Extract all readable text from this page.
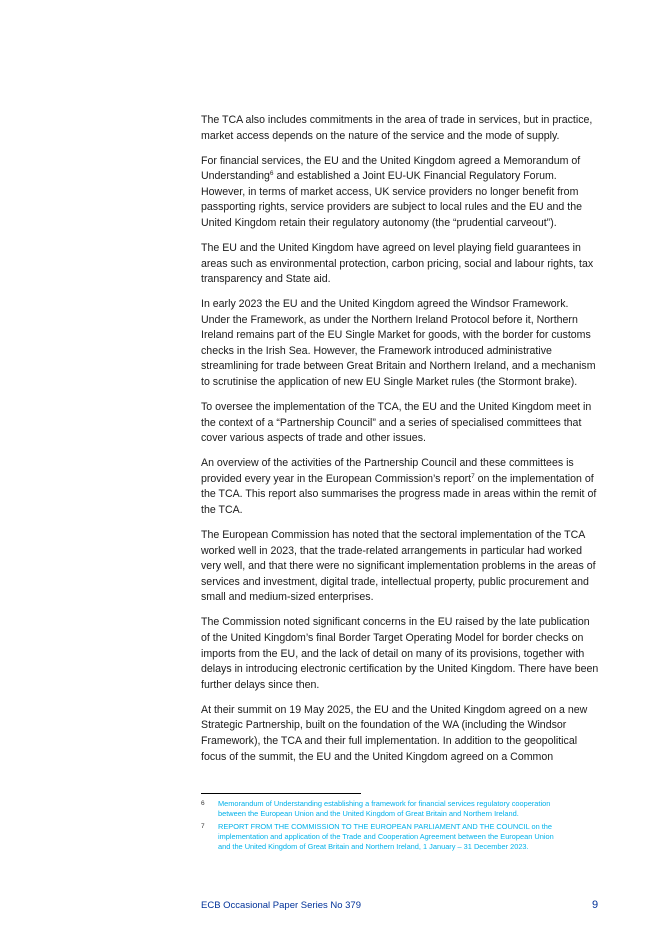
The TCA also includes commitments in the area of trade in services, but in practice,
market access depends on the nature of the service and the mode of supply.

For financial services, the EU and the United Kingdom agreed a Memorandum of
Understanding$^6$ and established a Joint EU-UK Financial Regulatory Forum.
However, in terms of market access, UK service providers no longer benefit from
passporting rights, service providers are subject to local rules and the EU and the
United Kingdom retain their regulatory autonomy (the “prudential carveout”).

The EU and the United Kingdom have agreed on level playing field guarantees in
areas such as environmental protection, carbon pricing, social and labour rights, tax
transparency and State aid.

In early 2023 the EU and the United Kingdom agreed the Windsor Framework.
Under the Framework, as under the Northern Ireland Protocol before it, Northern
Ireland remains part of the EU Single Market for goods, with the border for customs
checks in the Irish Sea. However, the Framework introduced administrative
streamlining for trade between Great Britain and Northern Ireland, and a mechanism
to scrutinise the application of new EU Single Market rules (the Stormont brake).

To oversee the implementation of the TCA, the EU and the United Kingdom meet in
the context of a “Partnership Council” and a series of specialised committees that
cover various aspects of trade and other issues.

An overview of the activities of the Partnership Council and these committees is
provided every year in the European Commission’s report$^7$ on the implementation of
the TCA. This report also summarises the progress made in areas within the remit of
the TCA.

The European Commission has noted that the sectoral implementation of the TCA
worked well in 2023, that the trade-related arrangements in particular had worked
very well, and that there were no significant implementation problems in the areas of
services and investment, digital trade, intellectual property, public procurement and
small and medium-sized enterprises.

The Commission noted significant concerns in the EU raised by the late publication
of the United Kingdom’s final Border Target Operating Model for border checks on
imports from the EU, and the lack of detail on many of its provisions, together with
delays in introducing electronic certification by the United Kingdom. There have been
further delays since then.

At their summit on 19 May 2025, the EU and the United Kingdom agreed on a new
Strategic Partnership, built on the foundation of the WA (including the Windsor
Framework), the TCA and their full implementation. In addition to the geopolitical
focus of the summit, the EU and the United Kingdom agreed on a Common

6 Memorandum of Understanding establishing a framework for financial services regulatory cooperation
between the European Union and the United Kingdom of Great Britain and Northern Ireland.
7 REPORT FROM THE COMMISSION TO THE EUROPEAN PARLIAMENT AND THE COUNCIL on the
implementation and application of the Trade and Cooperation Agreement between the European Union
and the United Kingdom of Great Britain and Northern Ireland, 1 January – 31 December 2023.
ECB Occasional Paper Series No 379	9
